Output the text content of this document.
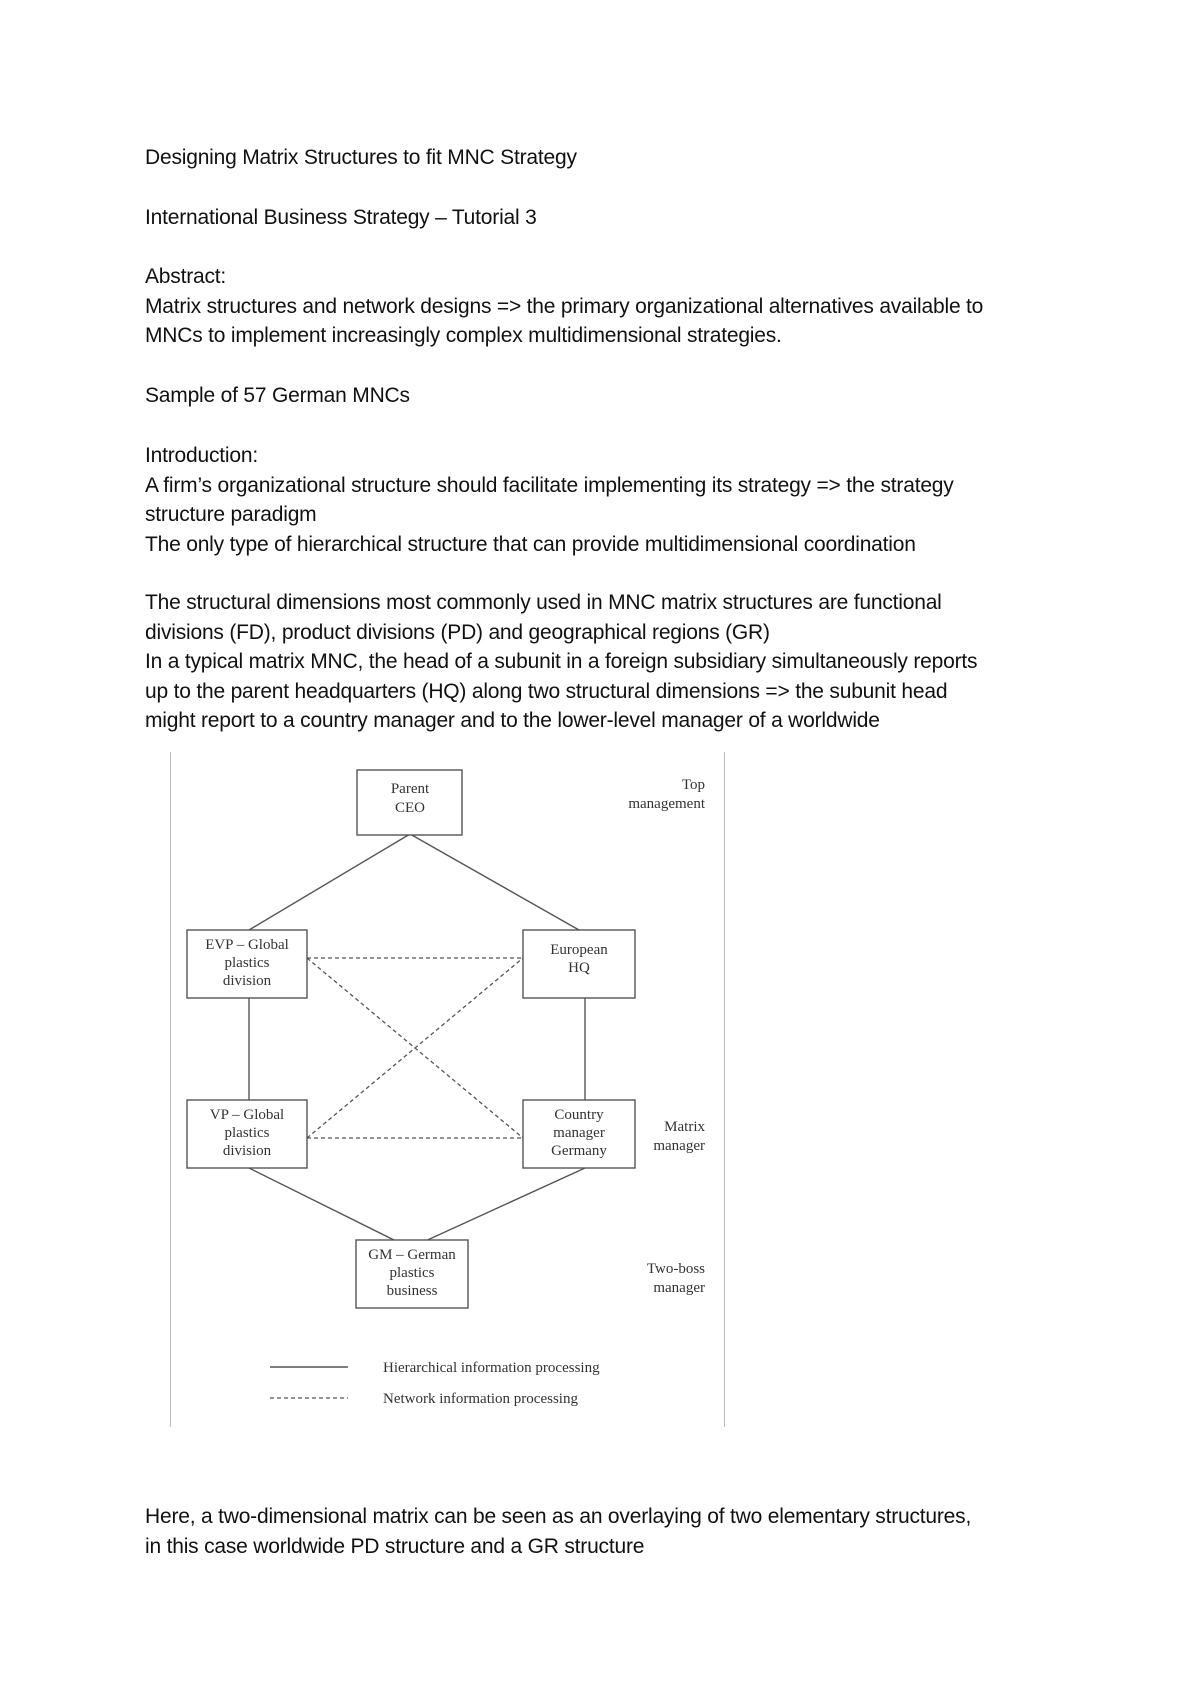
Designing Matrix Structures to fit MNC Strategy
International Business Strategy – Tutorial 3
Abstract:
Matrix structures and network designs => the primary organizational alternatives available to
MNCs to implement increasingly complex multidimensional strategies.
Sample of 57 German MNCs
Introduction:
A firm’s organizational structure should facilitate implementing its strategy => the strategy
structure paradigm
The only type of hierarchical structure that can provide multidimensional coordination
The structural dimensions most commonly used in MNC matrix structures are functional
divisions (FD), product divisions (PD) and geographical regions (GR)
In a typical matrix MNC, the head of a subunit in a foreign subsidiary simultaneously reports
up to the parent headquarters (HQ) along two structural dimensions => the subunit head
might report to a country manager and to the lower-level manager of a worldwide
Parent
CEO
EVP – Global
plastics
division
European
HQ
VP – Global
plastics
division
Country
manager
Germany
GM – German
plastics
business
Top
management
Matrix
manager
Two-boss
manager
Hierarchical information processing
Network information processing
Here, a two-dimensional matrix can be seen as an overlaying of two elementary structures,
in this case worldwide PD structure and a GR structure
